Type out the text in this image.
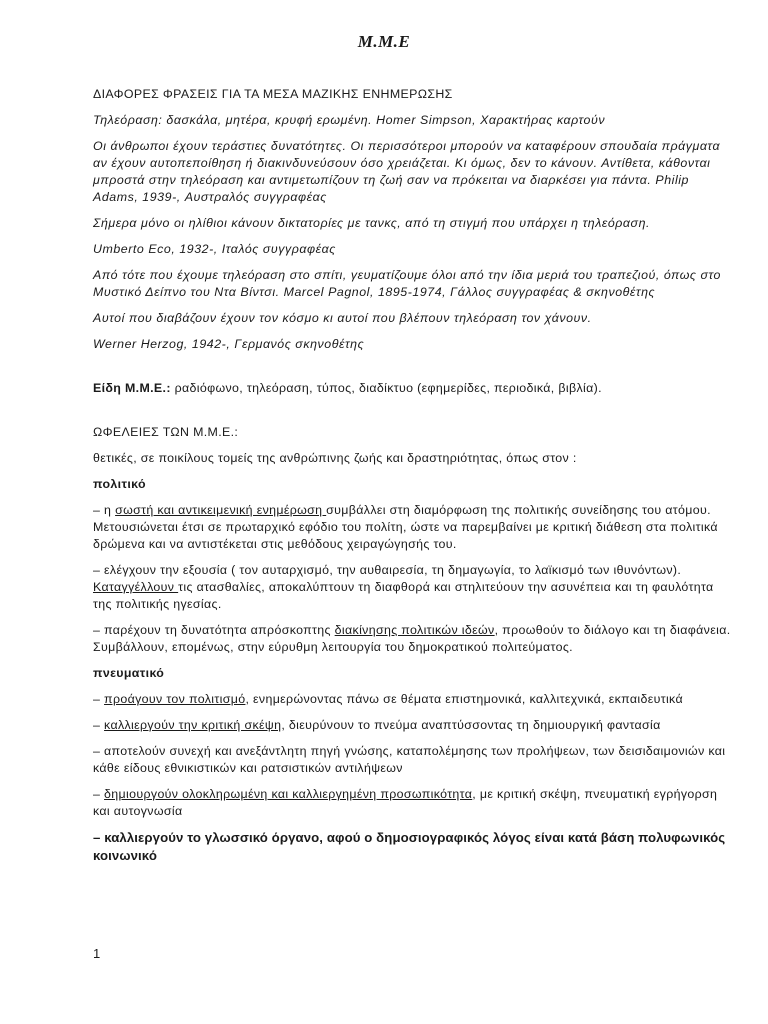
Μ.Μ.Ε

ΔΙΑΦΟΡΕΣ ΦΡΑΣΕΙΣ ΓΙΑ ΤΑ ΜΕΣΑ ΜΑΖΙΚΗΣ ΕΝΗΜΕΡΩΣΗΣ

Τηλεόραση: δασκάλα, μητέρα, κρυφή ερωμένη. Homer Simpson, Χαρακτήρας καρτούν

Οι άνθρωποι έχουν τεράστιες δυνατότητες. Οι περισσότεροι μπορούν να καταφέρουν σπουδαία πράγματα αν έχουν αυτοπεποίθηση ή διακινδυνεύσουν όσο χρειάζεται. Κι όμως, δεν το κάνουν. Αντίθετα, κάθονται μπροστά στην τηλεόραση και αντιμετωπίζουν τη ζωή σαν να πρόκειται να διαρκέσει για πάντα. Philip Adams, 1939-, Αυστραλός συγγραφέας

Σήμερα μόνο οι ηλίθιοι κάνουν δικτατορίες με τανκς, από τη στιγμή που υπάρχει η τηλεόραση.

Umberto Eco, 1932-, Ιταλός συγγραφέας

Από τότε που έχουμε τηλεόραση στο σπίτι, γευματίζουμε όλοι από την ίδια μεριά του τραπεζιού, όπως στο Μυστικό Δείπνο του Ντα Βίντσι. Marcel Pagnol, 1895-1974, Γάλλος συγγραφέας & σκηνοθέτης

Αυτοί που διαβάζουν έχουν τον κόσμο κι αυτοί που βλέπουν τηλεόραση τον χάνουν.

Werner Herzog, 1942-, Γερμανός σκηνοθέτης

Είδη Μ.Μ.Ε.: ραδιόφωνο, τηλεόραση, τύπος, διαδίκτυο (εφημερίδες, περιοδικά, βιβλία).

ΩΦΕΛΕΙΕΣ ΤΩΝ Μ.Μ.Ε.:

θετικές, σε ποικίλους τομείς της ανθρώπινης ζωής και δραστηριότητας, όπως στον :

πολιτικό

– η σωστή και αντικειμενική ενημέρωση συμβάλλει στη διαμόρφωση της πολιτικής συνείδησης του ατόμου. Μετουσιώνεται έτσι σε πρωταρχικό εφόδιο του πολίτη, ώστε να παρεμβαίνει με κριτική διάθεση στα πολιτικά δρώμενα και να αντιστέκεται στις μεθόδους χειραγώγησής του.

– ελέγχουν την εξουσία ( τον αυταρχισμό, την αυθαιρεσία, τη δημαγωγία, το λαϊκισμό των ιθυνόντων). Καταγγέλλουν τις ατασθαλίες, αποκαλύπτουν τη διαφθορά και στηλιτεύουν την ασυνέπεια και τη φαυλότητα της πολιτικής ηγεσίας.

– παρέχουν τη δυνατότητα απρόσκοπτης διακίνησης πολιτικών ιδεών, προωθούν το διάλογο και τη διαφάνεια. Συμβάλλουν, επομένως, στην εύρυθμη λειτουργία του δημοκρατικού πολιτεύματος.

πνευματικό

– προάγουν τον πολιτισμό, ενημερώνοντας πάνω σε θέματα επιστημονικά, καλλιτεχνικά, εκπαιδευτικά

– καλλιεργούν την κριτική σκέψη, διευρύνουν το πνεύμα αναπτύσσοντας τη δημιουργική φαντασία

– αποτελούν συνεχή και ανεξάντλητη πηγή γνώσης, καταπολέμησης των προλήψεων, των δεισιδαιμονιών και κάθε είδους εθνικιστικών και ρατσιστικών αντιλήψεων

– δημιουργούν ολοκληρωμένη και καλλιεργημένη προσωπικότητα, με κριτική σκέψη, πνευματική εγρήγορση και αυτογνωσία

– καλλιεργούν το γλωσσικό όργανο, αφού ο δημοσιογραφικός λόγος είναι κατά βάση πολυφωνικός κοινωνικό

1
